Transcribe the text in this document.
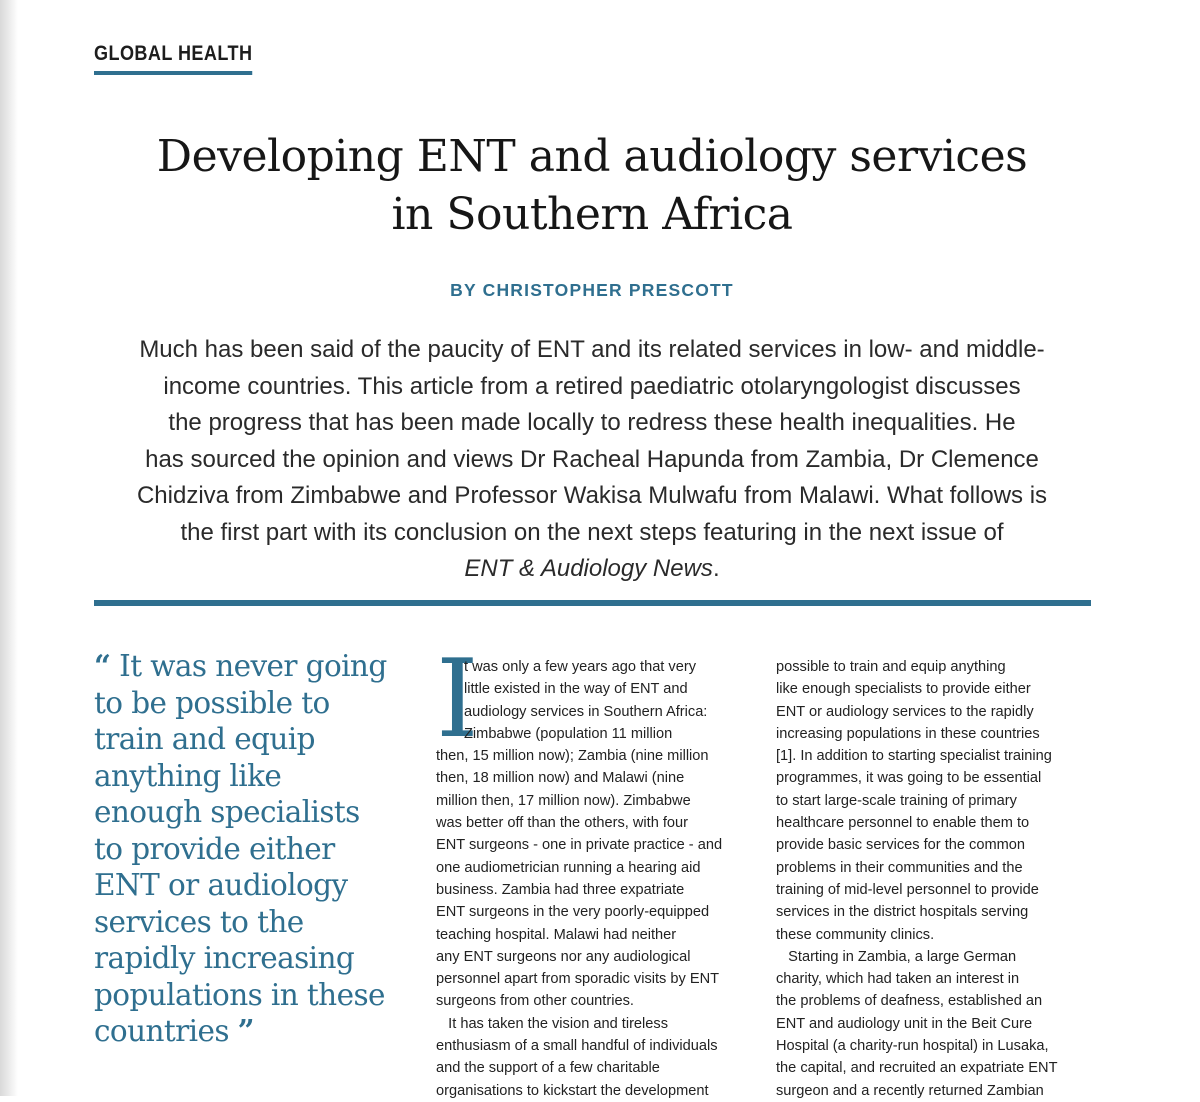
GLOBAL HEALTH
Developing ENT and audiology services
in Southern Africa
BY CHRISTOPHER PRESCOTT
Much has been said of the paucity of ENT and its related services in low- and middle-
income countries. This article from a retired paediatric otolaryngologist discusses
the progress that has been made locally to redress these health inequalities. He
has sourced the opinion and views Dr Racheal Hapunda from Zambia, Dr Clemence
Chidziva from Zimbabwe and Professor Wakisa Mulwafu from Malawi. What follows is
the first part with its conclusion on the next steps featuring in the next issue of
ENT & Audiology News.
“ It was never going
to be possible to
train and equip
anything like
enough specialists
to provide either
ENT or audiology
services to the
rapidly increasing
populations in these
countries ”
I
t was only a few years ago that very
little existed in the way of ENT and
audiology services in Southern Africa:
Zimbabwe (population 11 million
then, 15 million now); Zambia (nine million
then, 18 million now) and Malawi (nine
million then, 17 million now). Zimbabwe
was better off than the others, with four
ENT surgeons - one in private practice - and
one audiometrician running a hearing aid
business. Zambia had three expatriate
ENT surgeons in the very poorly-equipped
teaching hospital. Malawi had neither
any ENT surgeons nor any audiological
personnel apart from sporadic visits by ENT
surgeons from other countries.
It has taken the vision and tireless
enthusiasm of a small handful of individuals
and the support of a few charitable
organisations to kickstart the development
possible to train and equip anything
like enough specialists to provide either
ENT or audiology services to the rapidly
increasing populations in these countries
[1]. In addition to starting specialist training
programmes, it was going to be essential
to start large-scale training of primary
healthcare personnel to enable them to
provide basic services for the common
problems in their communities and the
training of mid-level personnel to provide
services in the district hospitals serving
these community clinics.
Starting in Zambia, a large German
charity, which had taken an interest in
the problems of deafness, established an
ENT and audiology unit in the Beit Cure
Hospital (a charity-run hospital) in Lusaka,
the capital, and recruited an expatriate ENT
surgeon and a recently returned Zambian
